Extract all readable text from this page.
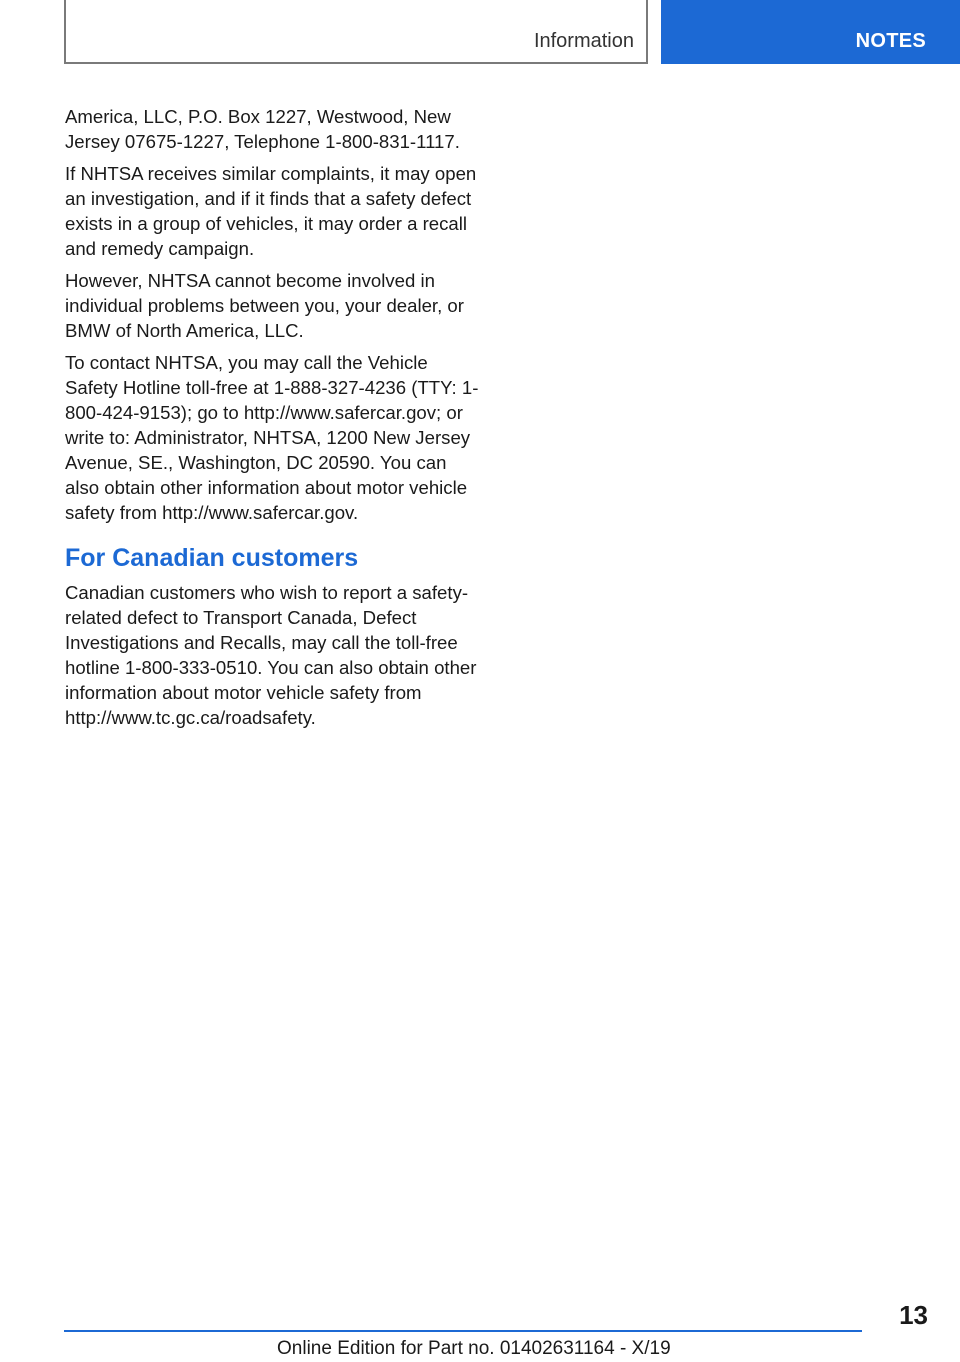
Information	NOTES

America, LLC, P.O. Box 1227, Westwood, New Jersey 07675-1227, Telephone 1-800-831-1117.

If NHTSA receives similar complaints, it may open an investigation, and if it finds that a safety defect exists in a group of vehicles, it may order a recall and remedy campaign.

However, NHTSA cannot become involved in individual problems between you, your dealer, or BMW of North America, LLC.

To contact NHTSA, you may call the Vehicle Safety Hotline toll-free at 1-888-327-4236 (TTY: 1-800-424-9153); go to http://www.safercar.gov; or write to: Administrator, NHTSA, 1200 New Jersey Avenue, SE., Washington, DC 20590. You can also obtain other information about motor vehicle safety from http://www.safercar.gov.

For Canadian customers

Canadian customers who wish to report a safety-related defect to Transport Canada, Defect Investigations and Recalls, may call the toll-free hotline 1-800-333-0510. You can also obtain other information about motor vehicle safety from http://www.tc.gc.ca/roadsafety.

13
Online Edition for Part no. 01402631164 - X/19
